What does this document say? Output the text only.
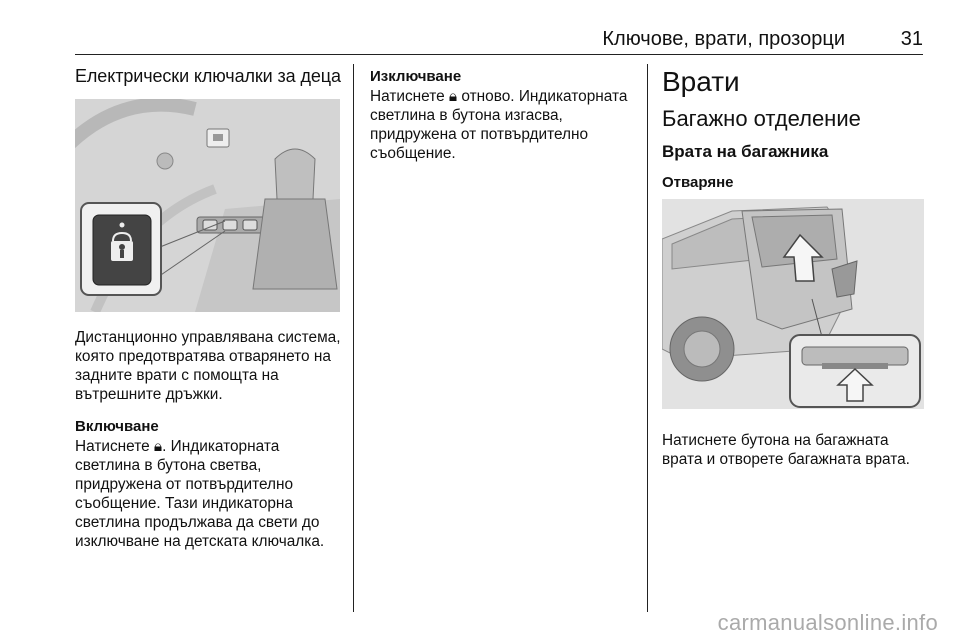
Ключове, врати, прозорци	31
Електрически ключалки за деца

Дистанционно управлявана система, която предотвратява отварянето на задните врати с помощта на вътрешните дръжки.

Включване

Натиснете 🔒︎. Индикаторната светлина в бутона светва, придружена от потвърдително съобщение. Тази индикаторна светлина продължава да свети до изключване на детската ключалка.

Изключване

Натиснете 🔒︎ отново. Индикаторната светлина в бутона изгасва, придружена от потвърдително съобщение.

Врати
Багажно отделение
Врата на багажника

Отваряне

Натиснете бутона на багажната врата и отворете багажната врата.

carmanualsonline.info
